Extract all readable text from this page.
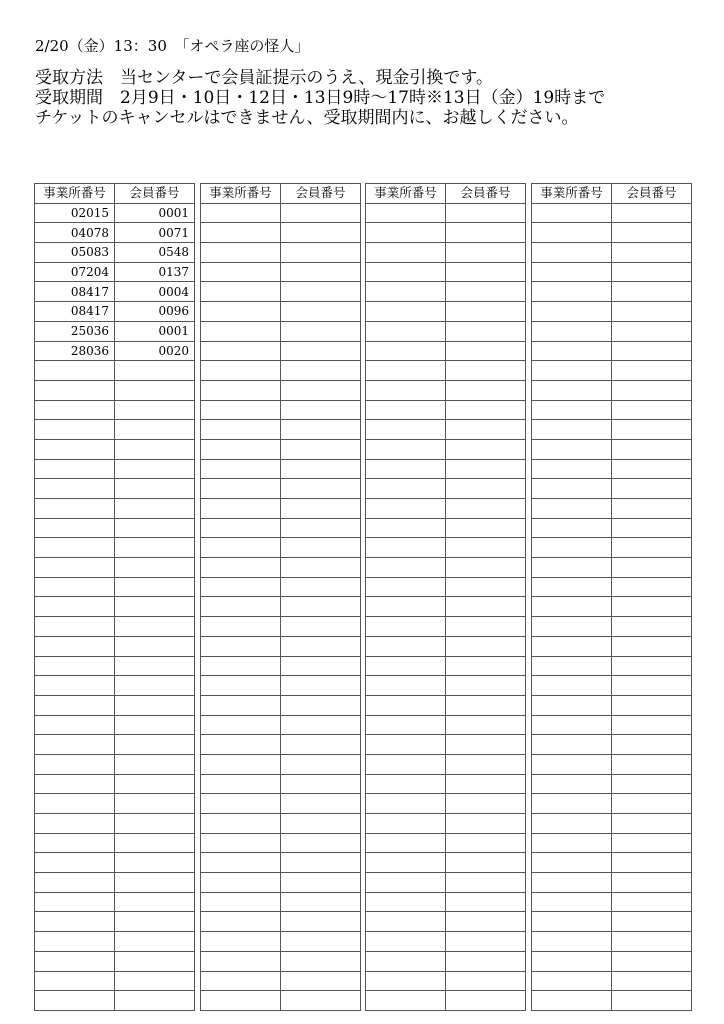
2/20（金）13：30　 「オペラ座の怪人」
受取方法　当センターで会員証提示のうえ、現金引換です。
受取期間　2月9日・10日・12日・13日9時～17時※13日（金）19時まで
チケットのキャンセルはできません、受取期間内に、お越しください。
事業所番号	会員番号
02015	0001
04078	0071
05083	0548
07204	0137
08417	0004
08417	0096
25036	0001
28036	0020

事業所番号	会員番号

	事業所番号	会員番号

	事業所番号	会員番号
